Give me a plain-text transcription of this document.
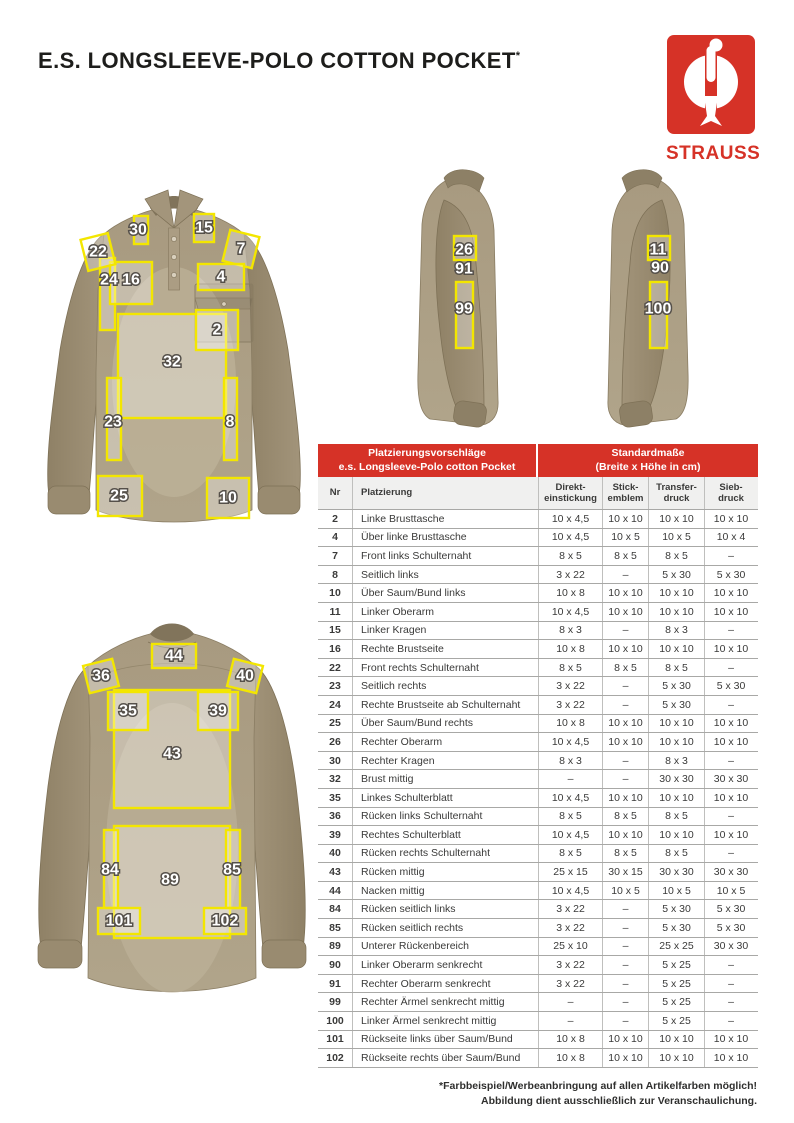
E.S. LONGSLEEVE-POLO COTTON POCKET*
STRAUSS
32
24 16
30	15
22	7
4
2
23	8
25	10
26
91
99
11
90
100
43
89
44
36	40
35	39
84	85
101	102
Platzierungsvorschläge
e.s. Longsleeve-Polo cotton Pocket
Standardmaße
(Breite x Höhe in cm)
Nr	Platzierung
Direkt-
einstickung
Stick-
emblem
Transfer-
druck
Sieb-
druck
2	Linke Brusttasche	10 x 4,5	10 x 10	10 x 10	10 x 10
4	Über linke Brusttasche	10 x 4,5	10 x 5	10 x 5	10 x 4
7	Front links Schulternaht	8 x 5	8 x 5	8 x 5	–
8	Seitlich links	3 x 22	–	5 x 30	5 x 30
10	Über Saum/Bund links	10 x 8	10 x 10	10 x 10	10 x 10
11	Linker Oberarm	10 x 4,5	10 x 10	10 x 10	10 x 10
15	Linker Kragen	8 x 3	–	8 x 3	–
16	Rechte Brustseite	10 x 8	10 x 10	10 x 10	10 x 10
22	Front rechts Schulternaht	8 x 5	8 x 5	8 x 5	–
23	Seitlich rechts	3 x 22	–	5 x 30	5 x 30
24	Rechte Brustseite ab Schulternaht	3 x 22	–	5 x 30	–
25	Über Saum/Bund rechts	10 x 8	10 x 10	10 x 10	10 x 10
26	Rechter Oberarm	10 x 4,5	10 x 10	10 x 10	10 x 10
30	Rechter Kragen	8 x 3	–	8 x 3	–
32	Brust mittig	–	–	30 x 30	30 x 30
35	Linkes Schulterblatt	10 x 4,5	10 x 10	10 x 10	10 x 10
36	Rücken links Schulternaht	8 x 5	8 x 5	8 x 5	–
39	Rechtes Schulterblatt	10 x 4,5	10 x 10	10 x 10	10 x 10
40	Rücken rechts Schulternaht	8 x 5	8 x 5	8 x 5	–
43	Rücken mittig	25 x 15	30 x 15	30 x 30	30 x 30
44	Nacken mittig	10 x 4,5	10 x 5	10 x 5	10 x 5
84	Rücken seitlich links	3 x 22	–	5 x 30	5 x 30
85	Rücken seitlich rechts	3 x 22	–	5 x 30	5 x 30
89	Unterer Rückenbereich	25 x 10	–	25 x 25	30 x 30
90	Linker Oberarm senkrecht	3 x 22	–	5 x 25	–
91	Rechter Oberarm senkrecht	3 x 22	–	5 x 25	–
99	Rechter Ärmel senkrecht mittig	–	–	5 x 25	–
100	Linker Ärmel senkrecht mittig	–	–	5 x 25	–
101	Rückseite links über Saum/Bund	10 x 8	10 x 10	10 x 10	10 x 10
102	Rückseite rechts über Saum/Bund	10 x 8	10 x 10	10 x 10	10 x 10
*Farbbeispiel/Werbeanbringung auf allen Artikelfarben möglich!
Abbildung dient ausschließlich zur Veranschaulichung.
